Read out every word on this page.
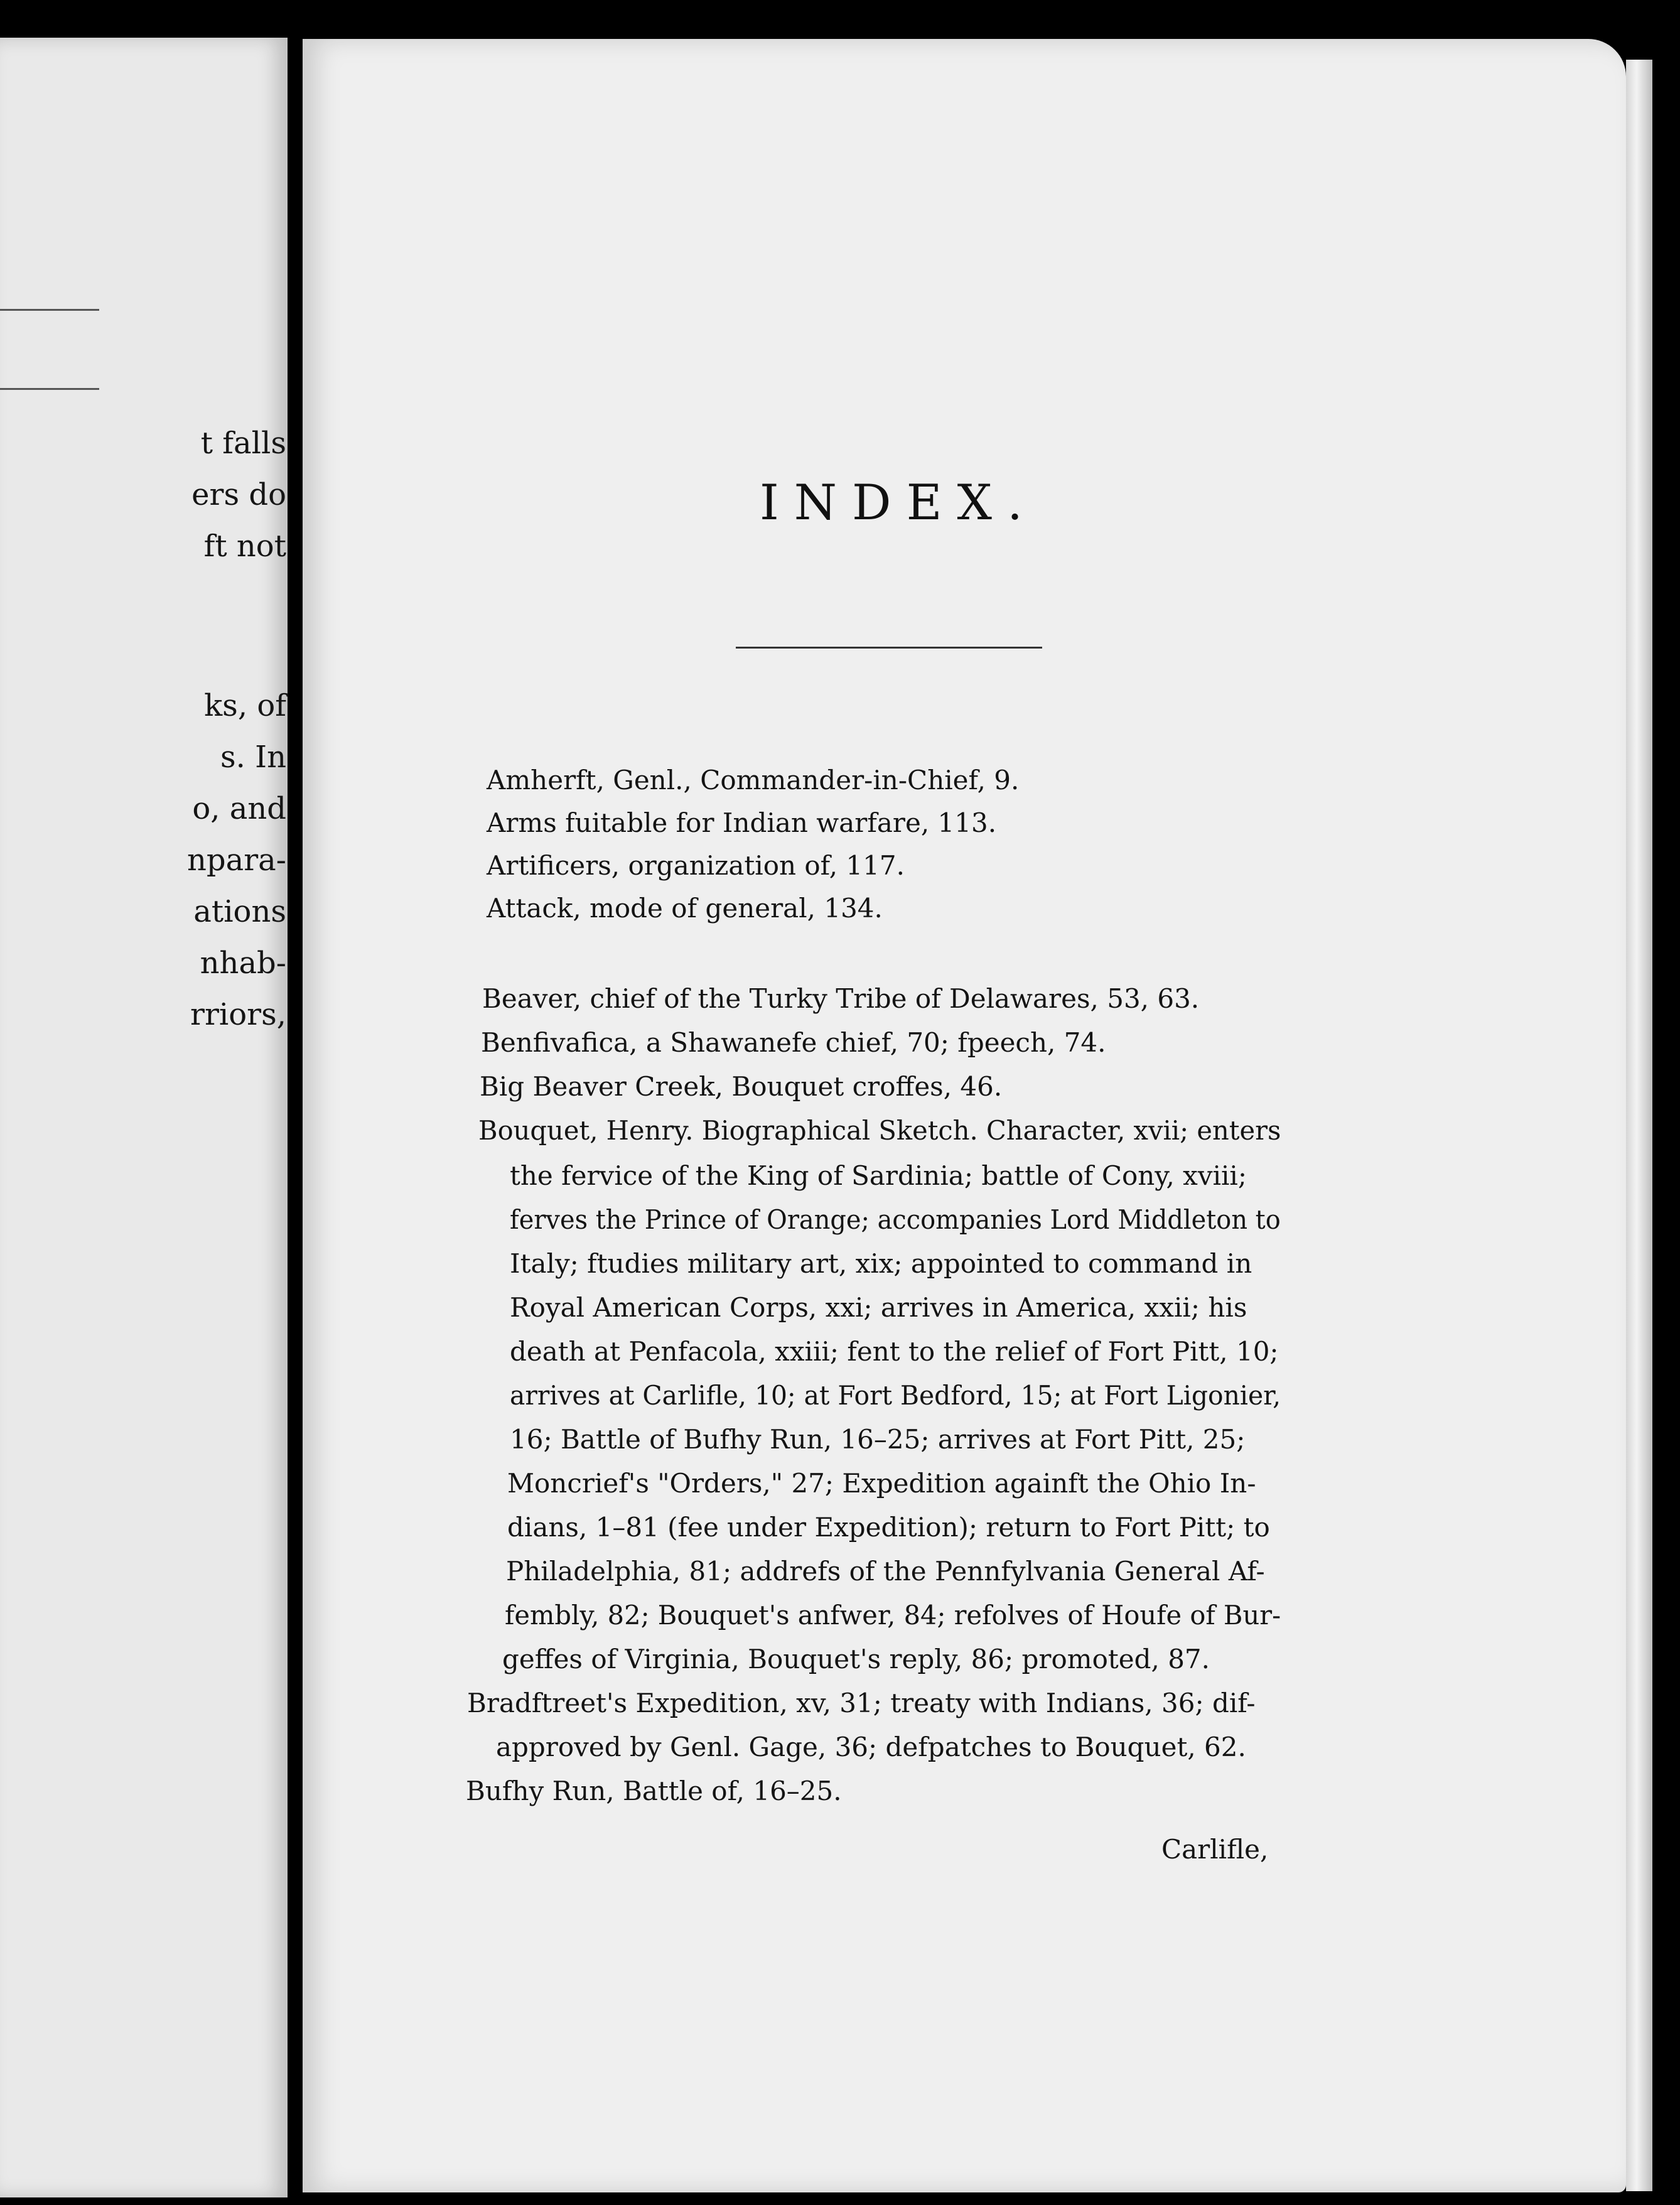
t falls
ers do
ft not
ks, of
s. In
o, and
npara-
ations
nhab-
rriors,
INDEX.
Amherft, Genl., Commander-in-Chief, 9.
Arms fuitable for Indian warfare, 113.
Artificers, organization of, 117.
Attack, mode of general, 134.
Beaver, chief of the Turky Tribe of Delawares, 53, 63.
Benfivafica, a Shawanefe chief, 70; fpeech, 74.
Big Beaver Creek, Bouquet croffes, 46.
Bouquet, Henry. Biographical Sketch. Character, xvii; enters
the fervice of the King of Sardinia; battle of Cony, xviii;
ferves the Prince of Orange; accompanies Lord Middleton to
Italy; ftudies military art, xix; appointed to command in
Royal American Corps, xxi; arrives in America, xxii; his
death at Penfacola, xxiii; fent to the relief of Fort Pitt, 10;
arrives at Carlifle, 10; at Fort Bedford, 15; at Fort Ligonier,
16; Battle of Bufhy Run, 16–25; arrives at Fort Pitt, 25;
Moncrief's "Orders," 27; Expedition againft the Ohio In-
dians, 1–81 (fee under Expedition); return to Fort Pitt; to
Philadelphia, 81; addrefs of the Pennfylvania General Af-
fembly, 82; Bouquet's anfwer, 84; refolves of Houfe of Bur-
geffes of Virginia, Bouquet's reply, 86; promoted, 87.
Bradftreet's Expedition, xv, 31; treaty with Indians, 36; dif-
approved by Genl. Gage, 36; defpatches to Bouquet, 62.
Bufhy Run, Battle of, 16–25.
Carlifle,
